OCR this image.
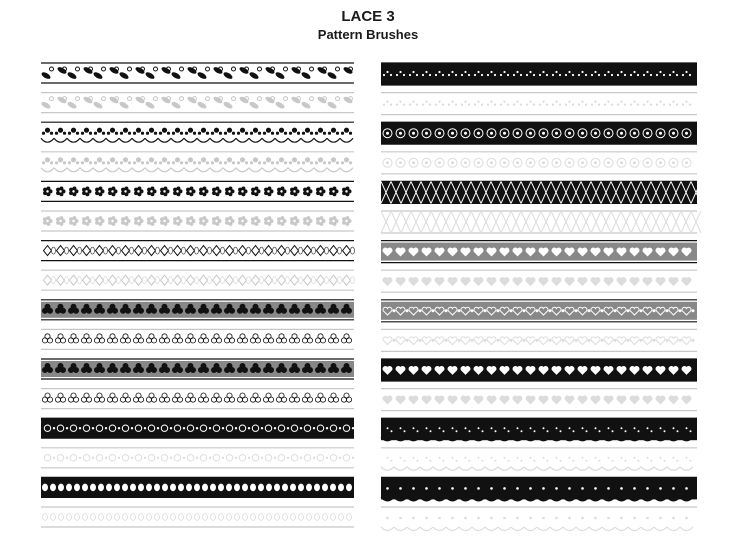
LACE 3
Pattern Brushes
